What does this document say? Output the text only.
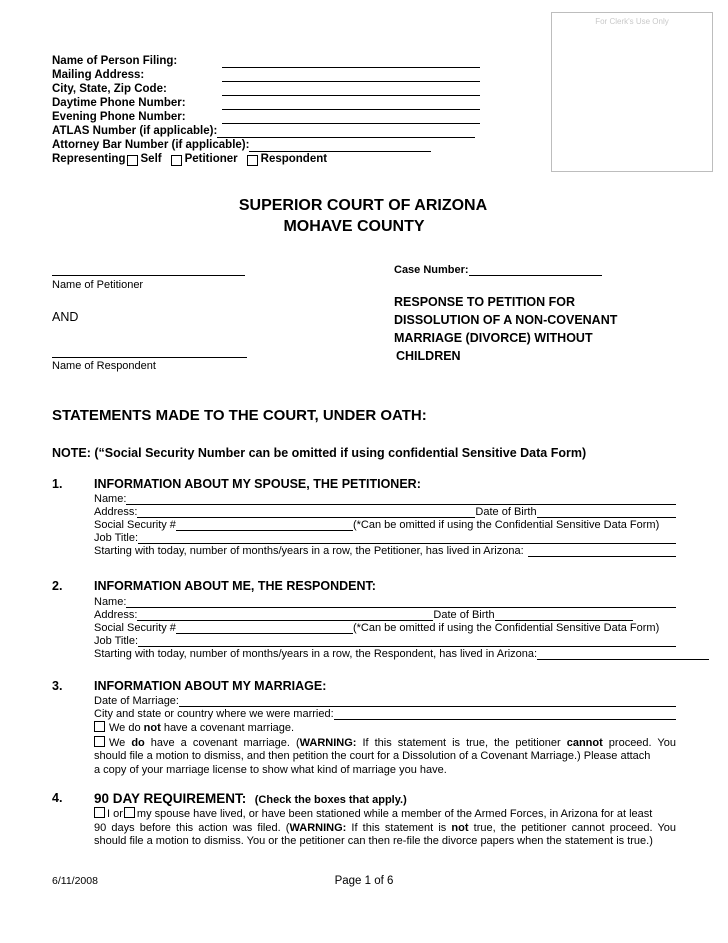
For Clerk's Use Only
Name of Person Filing:
Mailing Address:
City, State, Zip Code:
Daytime Phone Number:
Evening Phone Number:
ATLAS Number (if applicable):
Attorney Bar Number (if applicable):
Representing Self Petitioner Respondent
SUPERIOR COURT OF ARIZONA
MOHAVE COUNTY
Name of Petitioner
AND
Name of Respondent
Case Number:
RESPONSE TO PETITION FOR
DISSOLUTION OF A NON-COVENANT
MARRIAGE (DIVORCE) WITHOUT
CHILDREN
STATEMENTS MADE TO THE COURT, UNDER OATH:
NOTE: (“Social Security Number can be omitted if using confidential Sensitive Data Form)
1.	INFORMATION ABOUT MY SPOUSE, THE PETITIONER:
Name:
Address:	Date of Birth
Social Security #	(*Can be omitted if using the Confidential Sensitive Data Form)
Job Title:
Starting with today, number of months/years in a row, the Petitioner, has lived in Arizona:
2.	INFORMATION ABOUT ME, THE RESPONDENT:
Name:
Address:	Date of Birth
Social Security #	(*Can be omitted if using the Confidential Sensitive Data Form)
Job Title:
Starting with today, number of months/years in a row, the Respondent, has lived in Arizona:
3.	INFORMATION ABOUT MY MARRIAGE:
Date of Marriage:
City and state or country where we were married:
We do not have a covenant marriage.
We do have a covenant marriage. (WARNING: If this statement is true, the petitioner cannot proceed. You
should file a motion to dismiss, and then petition the court for a Dissolution of a Covenant Marriage.) Please attach
a copy of your marriage license to show what kind of marriage you have.
4. 90 DAY REQUIREMENT: (Check the boxes that apply.)
I or my spouse have lived, or have been stationed while a member of the Armed Forces, in Arizona for at least
90 days before this action was filed. (WARNING: If this statement is not true, the petitioner cannot proceed. You
should file a motion to dismiss. You or the petitioner can then re-file the divorce papers when the statement is true.)
6/11/2008	Page 1 of 6
